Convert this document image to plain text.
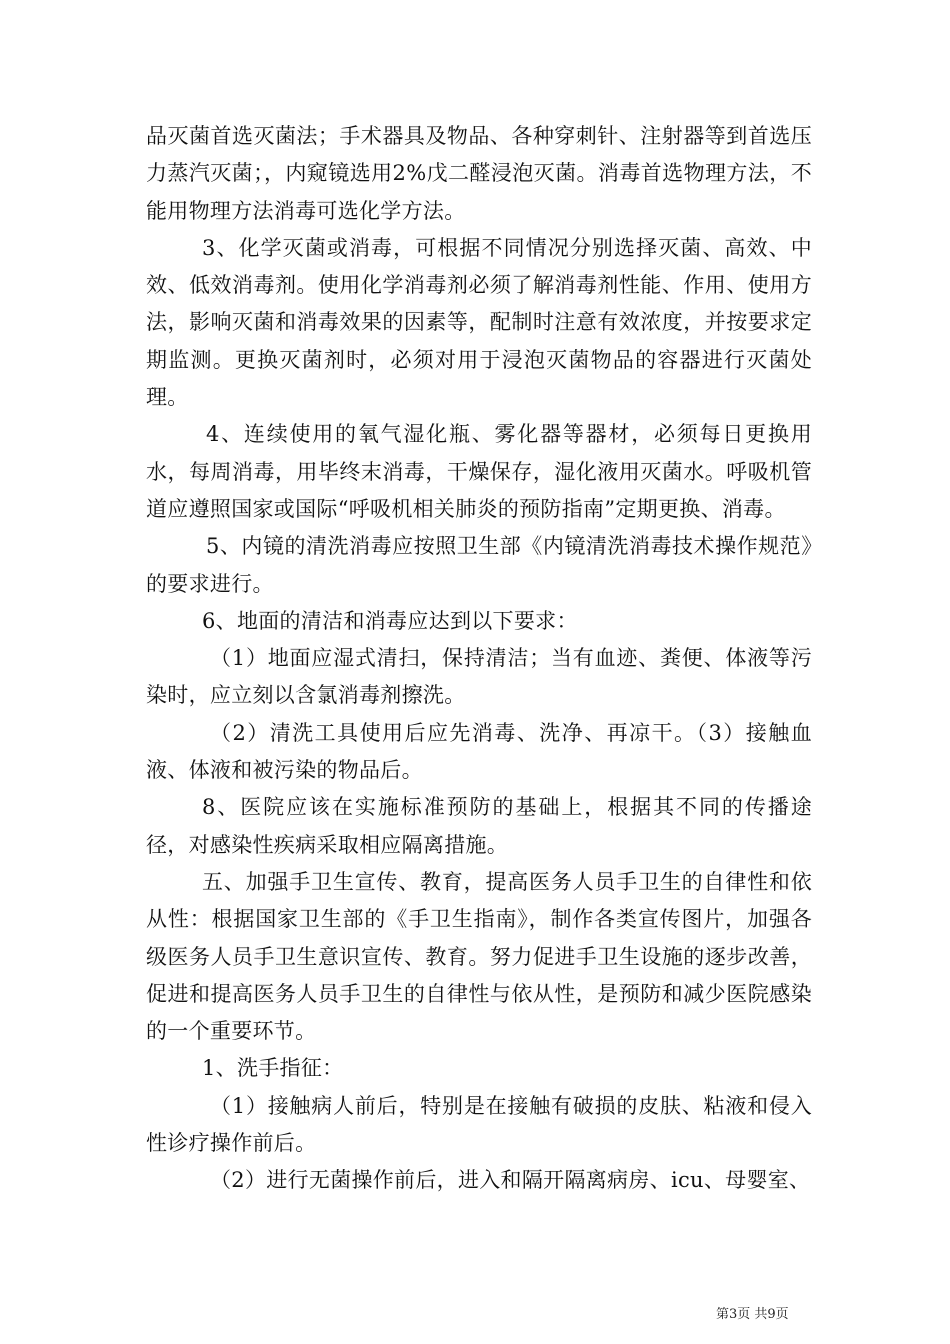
品灭菌首选灭菌法；手术器具及物品、各种穿刺针、注射器等到首选压力蒸汽灭菌；，内窥镜选用2%戊二醛浸泡灭菌。消毒首选物理方法，不能用物理方法消毒可选化学方法。

3、化学灭菌或消毒，可根据不同情况分别选择灭菌、高效、中效、低效消毒剂。使用化学消毒剂必须了解消毒剂性能、作用、使用方法，影响灭菌和消毒效果的因素等，配制时注意有效浓度，并按要求定期监测。更换灭菌剂时，必须对用于浸泡灭菌物品的容器进行灭菌处理。

4、连续使用的氧气湿化瓶、雾化器等器材，必须每日更换用水，每周消毒，用毕终末消毒，干燥保存，湿化液用灭菌水。呼吸机管道应遵照国家或国际“呼吸机相关肺炎的预防指南”定期更换、消毒。

5、内镜的清洗消毒应按照卫生部《内镜清洗消毒技术操作规范》的要求进行。

6、地面的清洁和消毒应达到以下要求：

（1）地面应湿式清扫，保持清洁；当有血迹、粪便、体液等污染时，应立刻以含氯消毒剂擦洗。

（2）清洗工具使用后应先消毒、洗净、再凉干。（3）接触血液、体液和被污染的物品后。

8、医院应该在实施标准预防的基础上，根据其不同的传播途径，对感染性疾病采取相应隔离措施。

五、加强手卫生宣传、教育，提高医务人员手卫生的自律性和依从性：根据国家卫生部的《手卫生指南》，制作各类宣传图片，加强各级医务人员手卫生意识宣传、教育。努力促进手卫生设施的逐步改善，促进和提高医务人员手卫生的自律性与依从性，是预防和减少医院感染的一个重要环节。

1、洗手指征：

（1）接触病人前后，特别是在接触有破损的皮肤、粘液和侵入性诊疗操作前后。

（2）进行无菌操作前后，进入和隔开隔离病房、icu、母婴室、

第3页 共9页
